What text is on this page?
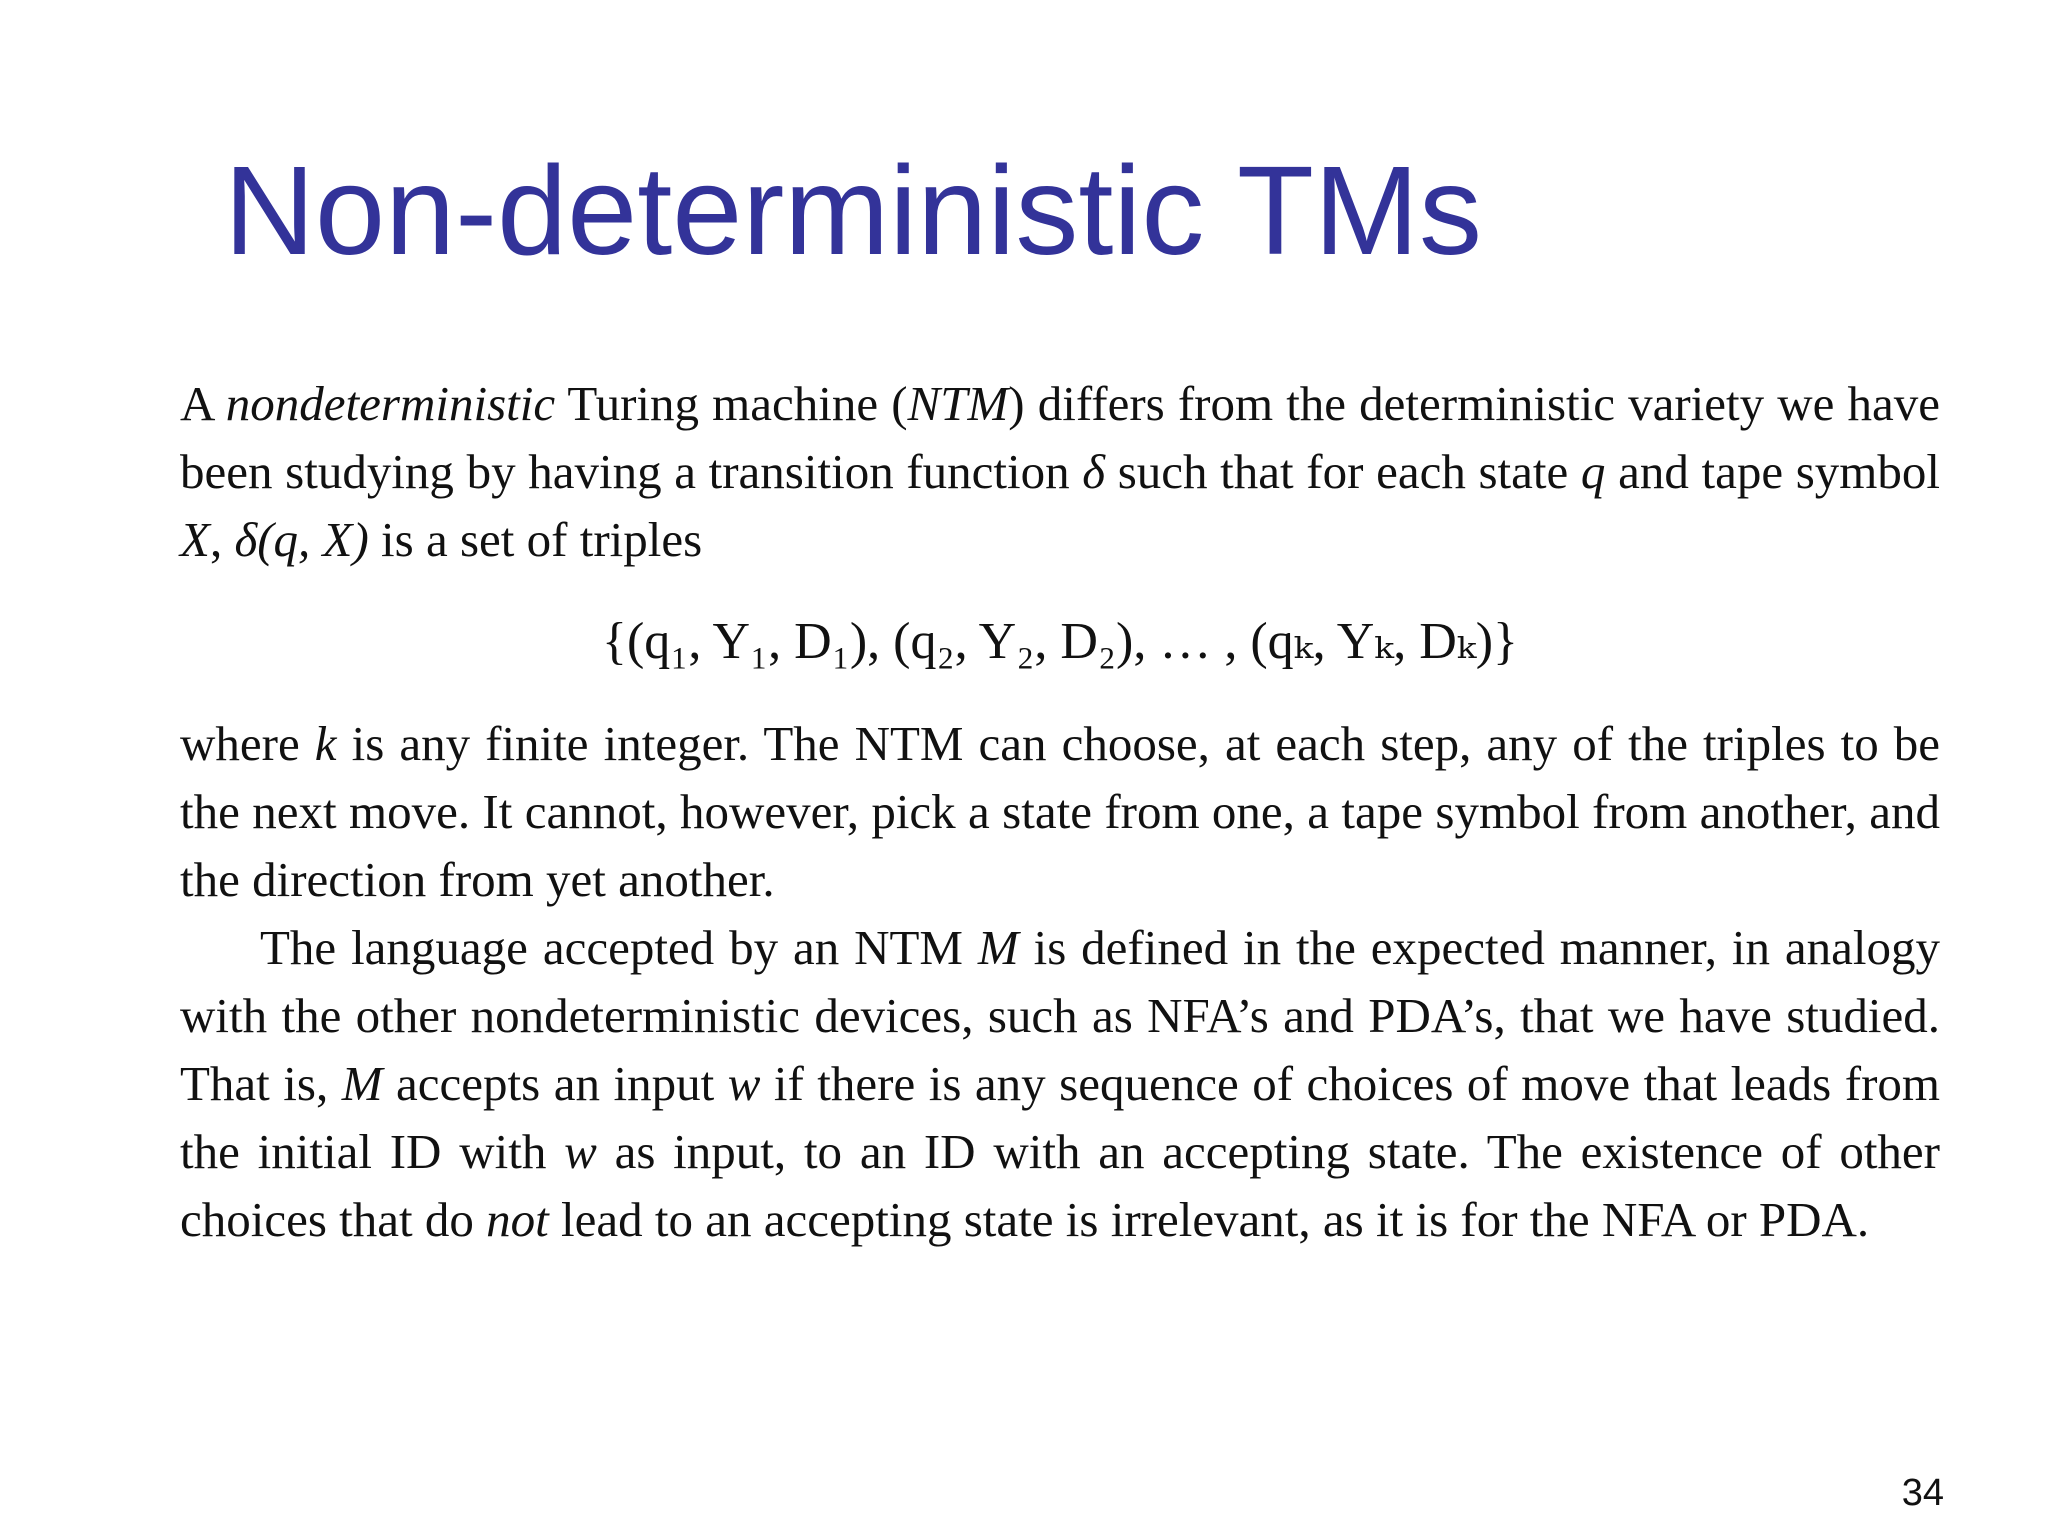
Non-deterministic TMs

A nondeterministic Turing machine (NTM) differs from the deterministic variety we have been studying by having a transition function δ such that for each state q and tape symbol X, δ(q, X) is a set of triples

{(q₁, Y₁, D₁), (q₂, Y₂, D₂), … , (qₖ, Yₖ, Dₖ)}

where k is any finite integer. The NTM can choose, at each step, any of the triples to be the next move. It cannot, however, pick a state from one, a tape symbol from another, and the direction from yet another.

The language accepted by an NTM M is defined in the expected manner, in analogy with the other nondeterministic devices, such as NFA’s and PDA’s, that we have studied. That is, M accepts an input w if there is any sequence of choices of move that leads from the initial ID with w as input, to an ID with an accepting state. The existence of other choices that do not lead to an accepting state is irrelevant, as it is for the NFA or PDA.

34
